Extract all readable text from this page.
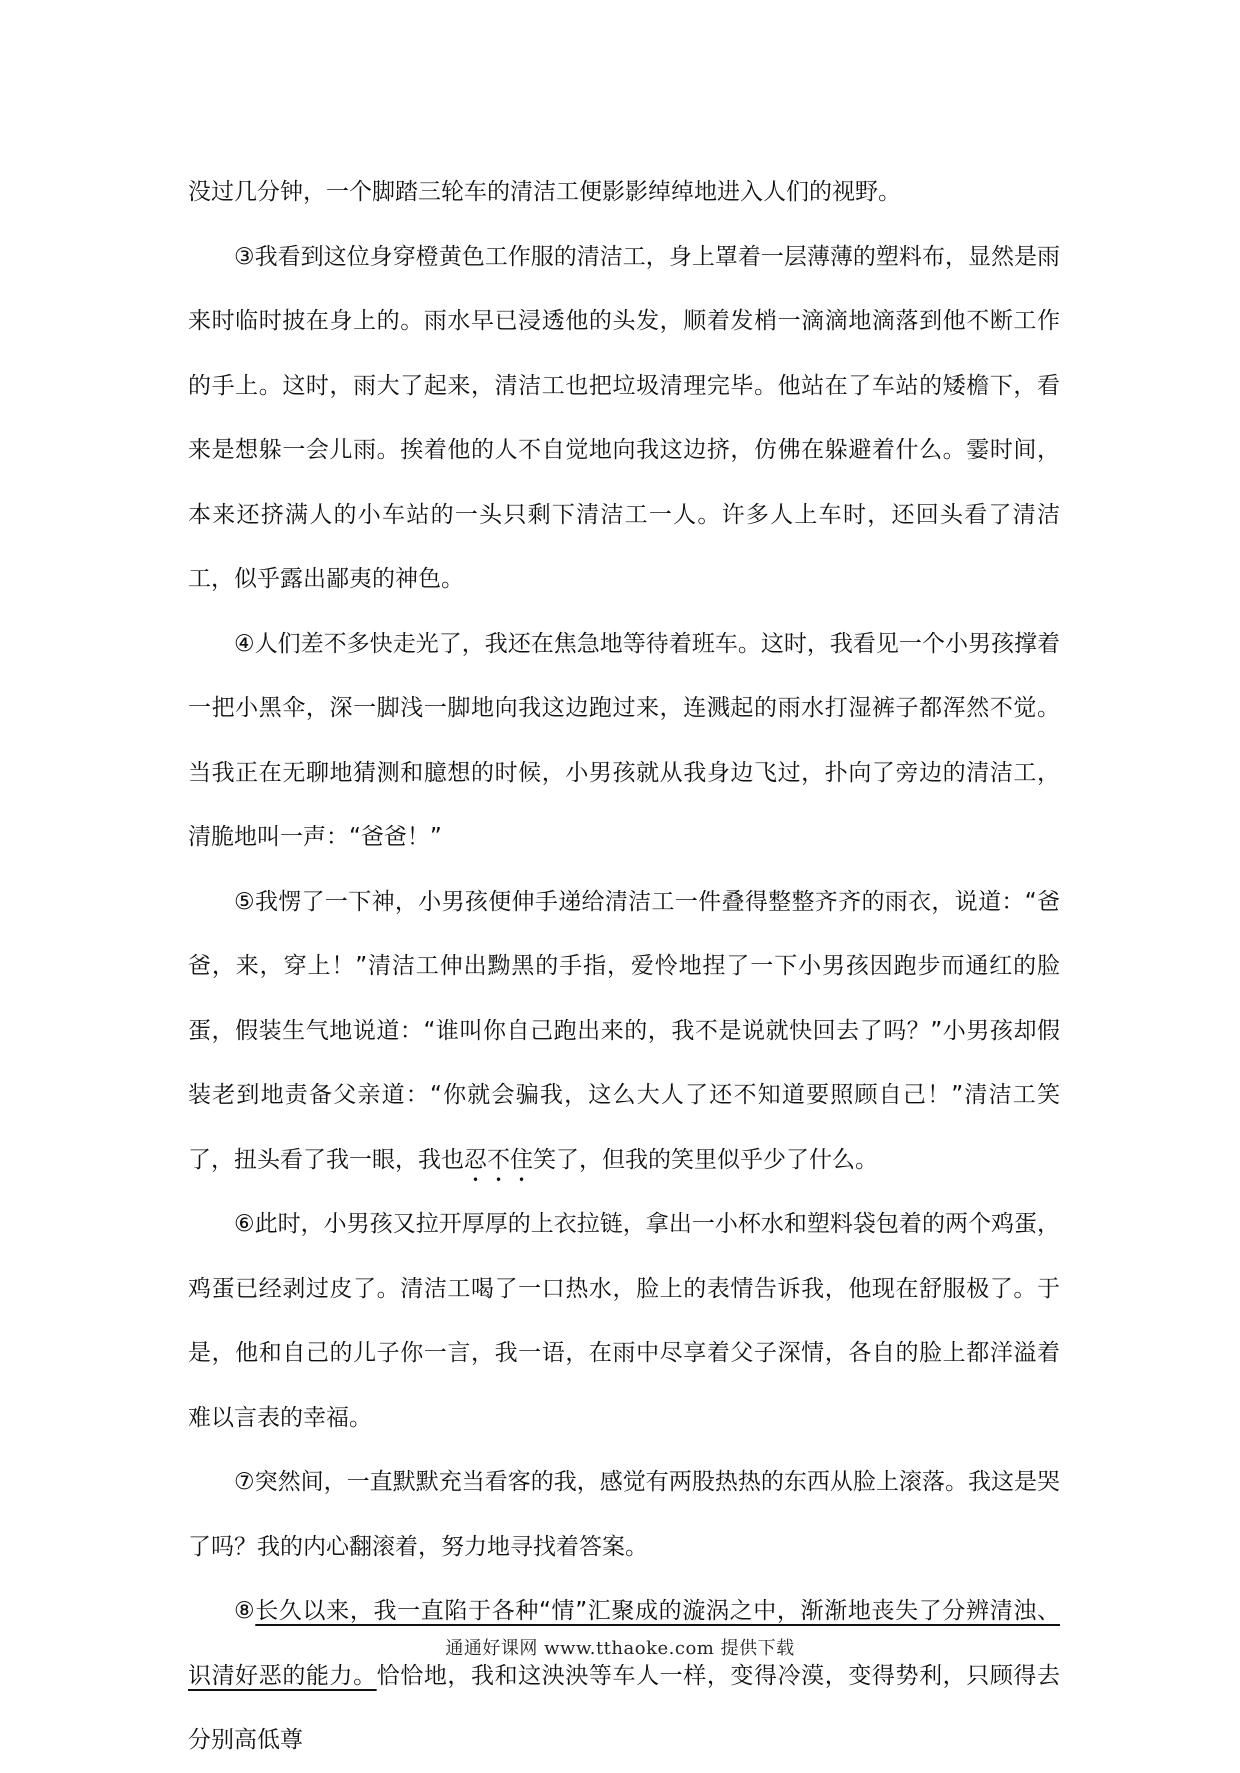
没过几分钟，一个脚踏三轮车的清洁工便影影绰绰地进入人们的视野。

③我看到这位身穿橙黄色工作服的清洁工，身上罩着一层薄薄的塑料布，显然是雨来时临时披在身上的。雨水早已浸透他的头发，顺着发梢一滴滴地滴落到他不断工作的手上。这时，雨大了起来，清洁工也把垃圾清理完毕。他站在了车站的矮檐下，看来是想躲一会儿雨。挨着他的人不自觉地向我这边挤，仿佛在躲避着什么。霎时间，本来还挤满人的小车站的一头只剩下清洁工一人。许多人上车时，还回头看了清洁工，似乎露出鄙夷的神色。

④人们差不多快走光了，我还在焦急地等待着班车。这时，我看见一个小男孩撑着一把小黑伞，深一脚浅一脚地向我这边跑过来，连溅起的雨水打湿裤子都浑然不觉。当我正在无聊地猜测和臆想的时候，小男孩就从我身边飞过，扑向了旁边的清洁工，清脆地叫一声：“爸爸！”

⑤我愣了一下神，小男孩便伸手递给清洁工一件叠得整整齐齐的雨衣，说道：“爸爸，来，穿上！”清洁工伸出黝黑的手指，爱怜地捏了一下小男孩因跑步而通红的脸蛋，假装生气地说道：“谁叫你自己跑出来的，我不是说就快回去了吗？”小男孩却假装老到地责备父亲道：“你就会骗我，这么大人了还不知道要照顾自己！”清洁工笑了，扭头看了我一眼，我也忍不住笑了，但我的笑里似乎少了什么。

⑥此时，小男孩又拉开厚厚的上衣拉链，拿出一小杯水和塑料袋包着的两个鸡蛋，鸡蛋已经剥过皮了。清洁工喝了一口热水，脸上的表情告诉我，他现在舒服极了。于是，他和自己的儿子你一言，我一语，在雨中尽享着父子深情，各自的脸上都洋溢着难以言表的幸福。

⑦突然间，一直默默充当看客的我，感觉有两股热热的东西从脸上滚落。我这是哭了吗？我的内心翻滚着，努力地寻找着答案。

⑧长久以来，我一直陷于各种“情”汇聚成的漩涡之中，渐渐地丧失了分辨清浊、识清好恶的能力。恰恰地，我和这泱泱等车人一样，变得冷漠，变得势利，只顾得去分别高低尊

通通好课网 www.tthaoke.com 提供下载
